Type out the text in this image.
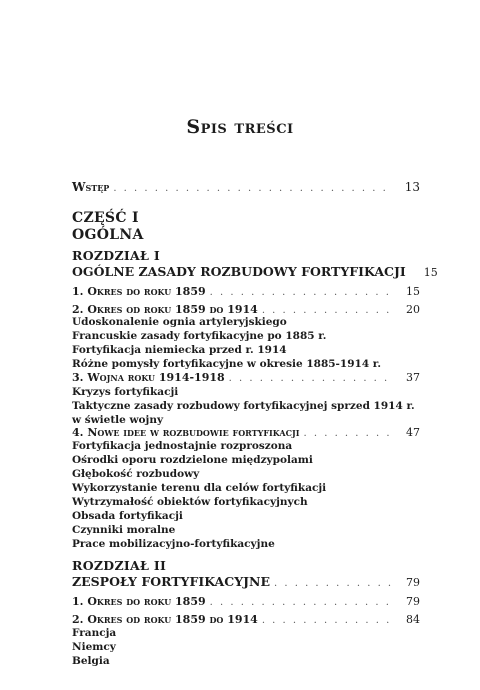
Spis treści
Wstęp . . .	13
CZĘŚĆ I
OGÓLNA
ROZDZIAŁ I
OGÓLNE ZASADY ROZBUDOWY FORTYFIKACJI	15
1. Okres do roku 1859 . . .	15
2. Okres od roku 1859 do 1914 . . .	20
Udoskonalenie ognia artyleryjskiego
Francuskie zasady fortyfikacyjne po 1885 r.
Fortyfikacja niemiecka przed r. 1914
Różne pomysły fortyfikacyjne w okresie 1885-1914 r.
3. Wojna roku 1914-1918 . . .	37
Kryzys fortyfikacji
Taktyczne zasady rozbudowy fortyfikacyjnej sprzed 1914 r.
w świetle wojny
4. Nowe idee w rozbudowie fortyfikacji . . .	47
Fortyfikacja jednostajnie rozproszona
Ośrodki oporu rozdzielone międzypolami
Głębokość rozbudowy
Wykorzystanie terenu dla celów fortyfikacji
Wytrzymałość obiektów fortyfikacyjnych
Obsada fortyfikacji
Czynniki moralne
Prace mobilizacyjno-fortyfikacyjne
ROZDZIAŁ II
ZESPOŁY FORTYFIKACYJNE . . .	79
1. Okres do roku 1859 . . .	79
2. Okres od roku 1859 do 1914 . . .	84
Francja
Niemcy
Belgia
